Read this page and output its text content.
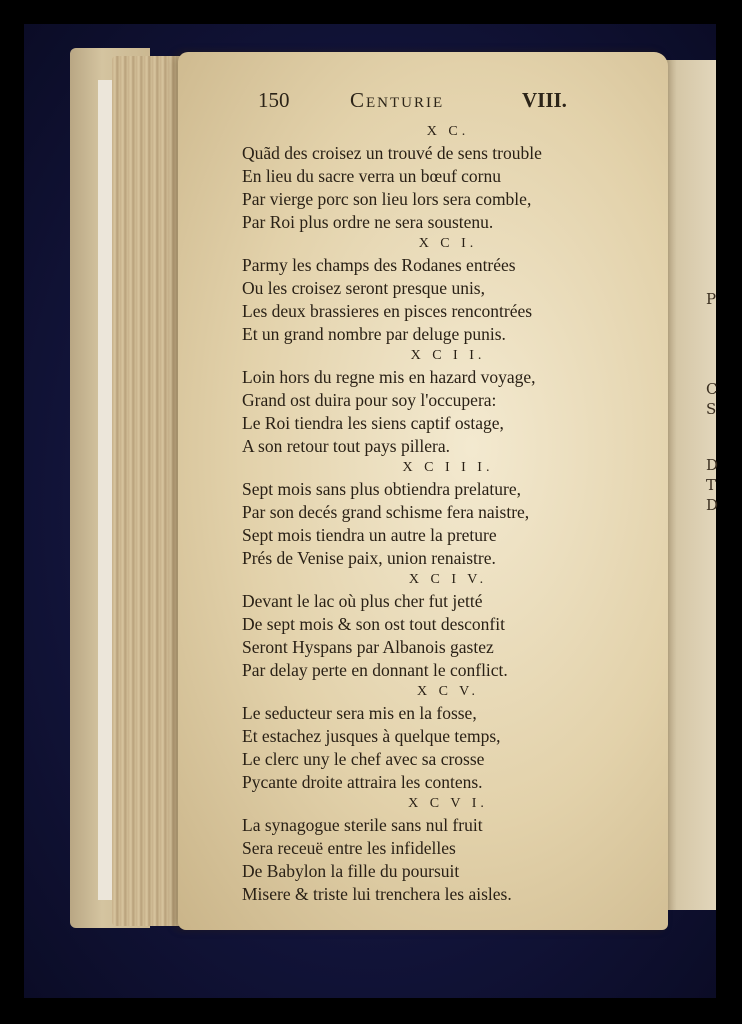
P
C
S
D
T
D
150	Centurie	VIII.
X C.
Quãd des croisez un trouvé de sens trouble
En lieu du sacre verra un bœuf cornu
Par vierge porc son lieu lors sera comble,
Par Roi plus ordre ne sera soustenu.
X C I.
Parmy les champs des Rodanes entrées
Ou les croisez seront presque unis,
Les deux brassieres en pisces rencontrées
Et un grand nombre par deluge punis.
X C I I.
Loin hors du regne mis en hazard voyage,
Grand ost duira pour soy l'occupera:
Le Roi tiendra les siens captif ostage,
A son retour tout pays pillera.
X C I I I.
Sept mois sans plus obtiendra prelature,
Par son decés grand schisme fera naistre,
Sept mois tiendra un autre la preture
Prés de Venise paix, union renaistre.
X C I V.
Devant le lac où plus cher fut jetté
De sept mois & son ost tout desconfit
Seront Hyspans par Albanois gastez
Par delay perte en donnant le conflict.
X C V.
Le seducteur sera mis en la fosse,
Et estachez jusques à quelque temps,
Le clerc uny le chef avec sa crosse
Pycante droite attraira les contens.
X C V I.
La synagogue sterile sans nul fruit
Sera receuë entre les infidelles
De Babylon la fille du poursuit
Misere & triste lui trenchera les aisles.
